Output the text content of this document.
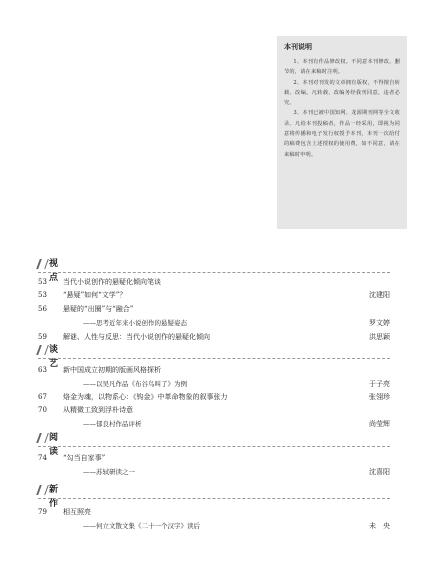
本刊说明
1、本刊有作品修改权。不同意本刊修改、删节的，请在来稿时注明。
2、本刊对刊发的文章拥有版权，不得擅自转载、改编。凡转载、改编务经我刊同意，违者必究。
3、本刊已被中国知网、龙源期刊网等全文收录。凡给本刊投稿者，作品一经采用，即视为同意将传播和电子发行权授予本刊，本刊一次给付的稿费包含上述授权的使用费，如不同意，请在来稿时申明。
视点
53 当代小说创作的悬疑化倾向笔谈
53 “悬疑”如何“文学”？	沈建阳
56 悬疑的“出圈”与“融合”
——思考近年来小说创作的悬疑姿态	罗文婷
59 解谜、人性与反思：当代小说创作的悬疑化倾向	洪思颖
谈艺
63 新中国成立初期的版画风格探析
——以吴凡作品《布谷鸟叫了》为例	于子亮
67 烙金为魂，以物系心：《钩金》中革命物象的叙事张力	张翎珍
70 从精微工致到浮朴诗意
——郁良村作品评析	尚莹辉
阅读
74 “勾当自家事”
——苏轼研读之一	沈喜阳
新作
79 相互照亮
——何立文散文集《二十一个汉字》读后	未　央
